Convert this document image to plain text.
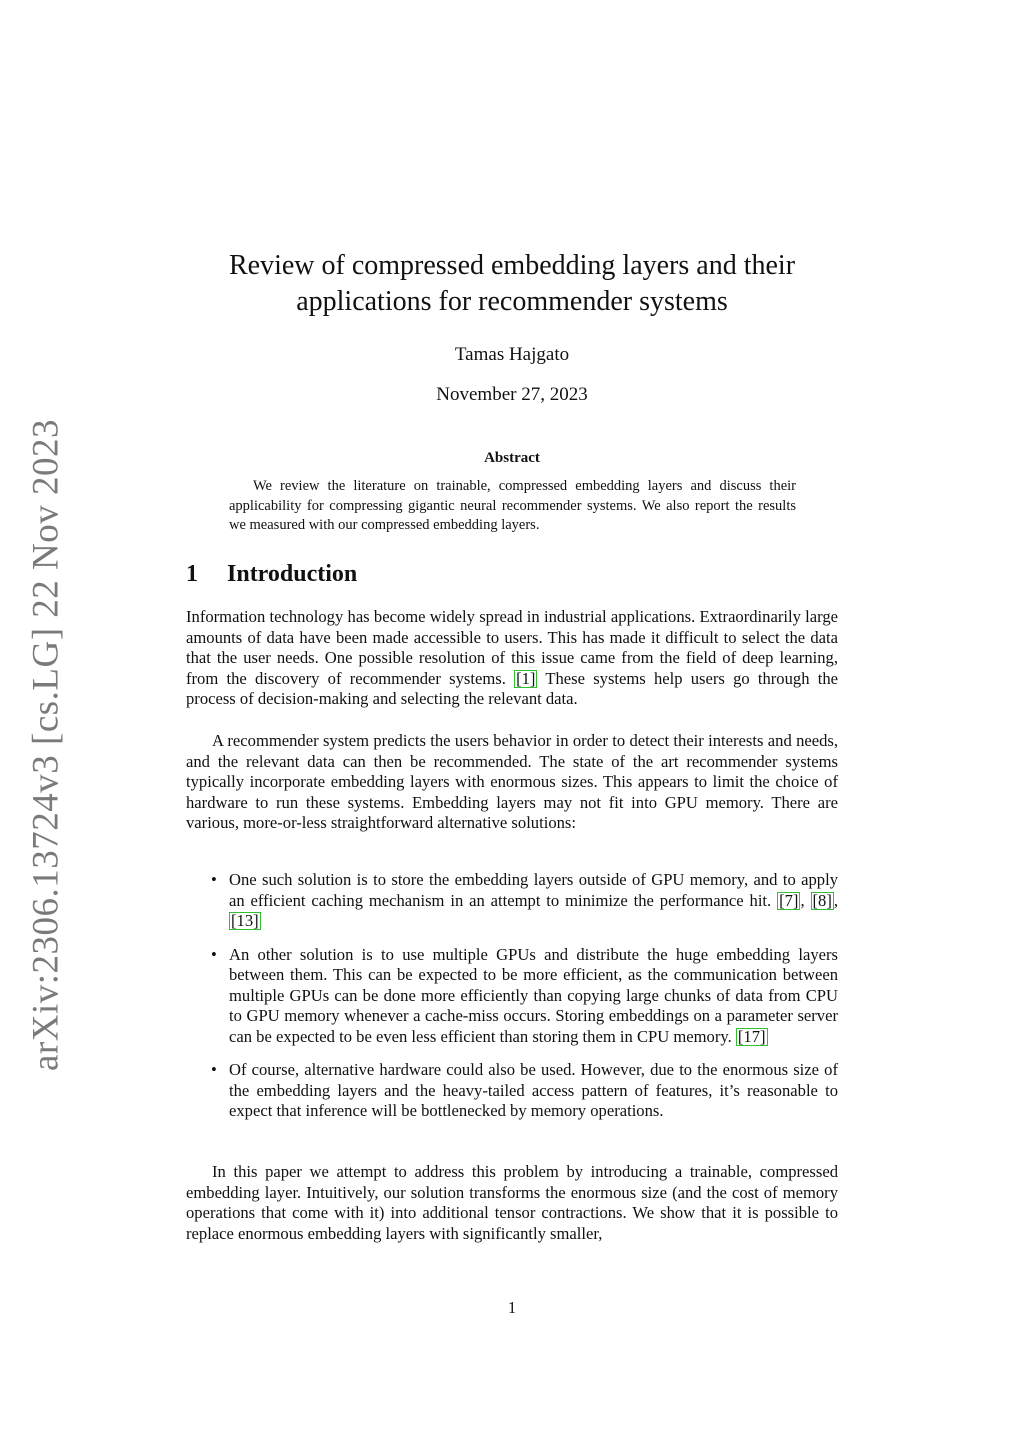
arXiv:2306.13724v3 [cs.LG] 22 Nov 2023
Review of compressed embedding layers and their applications for recommender systems
Tamas Hajgato
November 27, 2023
Abstract

We review the literature on trainable, compressed embedding layers and discuss their applicability for compressing gigantic neural recommender systems. We also report the results we measured with our compressed embedding layers.

1 Introduction

Information technology has become widely spread in industrial applications. Extraordinarily large amounts of data have been made accessible to users. This has made it difficult to select the data that the user needs. One possible resolution of this issue came from the field of deep learning, from the discovery of recommender systems. [1] These systems help users go through the process of decision-making and selecting the relevant data.

A recommender system predicts the users behavior in order to detect their interests and needs, and the relevant data can then be recommended. The state of the art recommender systems typically incorporate embedding layers with enormous sizes. This appears to limit the choice of hardware to run these systems. Embedding layers may not fit into GPU memory. There are various, more-or-less straightforward alternative solutions:

• One such solution is to store the embedding layers outside of GPU memory, and to apply an efficient caching mechanism in an attempt to minimize the performance hit. [7] , [8] , [13]
• An other solution is to use multiple GPUs and distribute the huge embedding layers between them. This can be expected to be more efficient, as the communication between multiple GPUs can be done more efficiently than copying large chunks of data from CPU to GPU memory whenever a cache-miss occurs. Storing embeddings on a parameter server can be expected to be even less efficient than storing them in CPU memory. [17]
• Of course, alternative hardware could also be used. However, due to the enormous size of the embedding layers and the heavy-tailed access pattern of features, it’s reasonable to expect that inference will be bottlenecked by memory operations.

In this paper we attempt to address this problem by introducing a trainable, compressed embedding layer. Intuitively, our solution transforms the enormous size (and the cost of memory operations that come with it) into additional tensor contractions. We show that it is possible to replace enormous embedding layers with significantly smaller,

1
